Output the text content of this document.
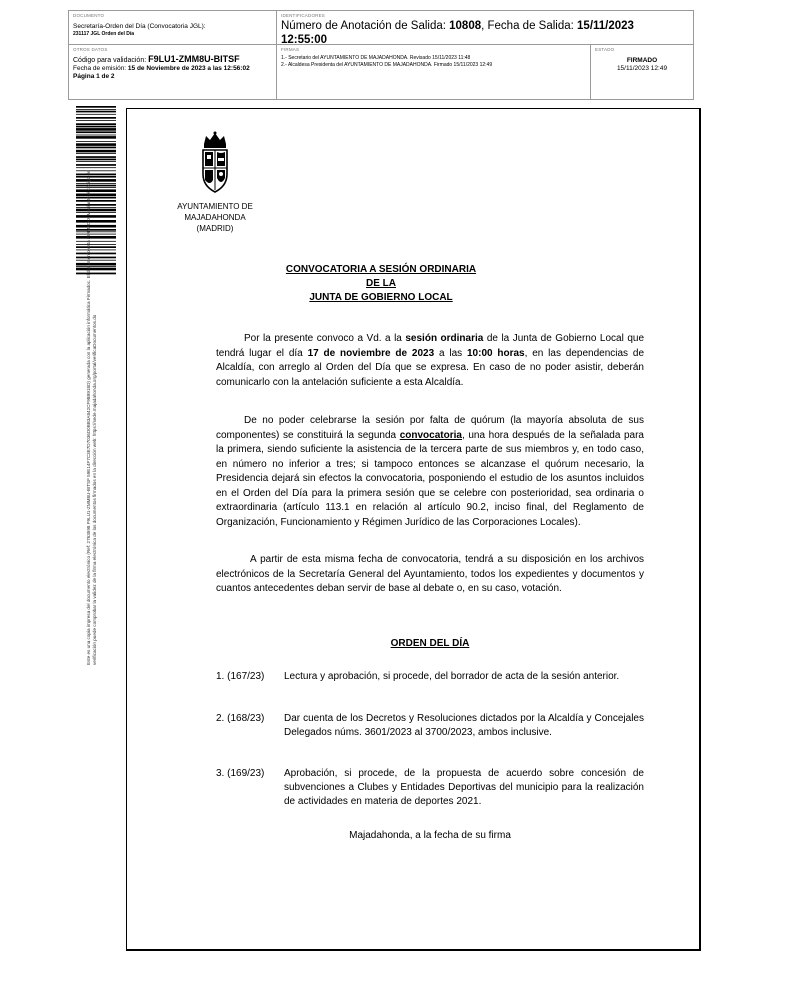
DOCUMENTO
Secretaría-Orden del Día (Convocatoria JGL):
231117 JGL Orden del Día
IDENTIFICADORES
Número de Anotación de Salida: 10808, Fecha de Salida: 15/11/2023
12:55:00
OTROS DATOS
Código para validación: F9LU1-ZMM8U-BITSF
Fecha de emisión: 15 de Noviembre de 2023 a las 12:56:02
Página 1 de 2
FIRMAS
1.- Secretario del AYUNTAMIENTO DE MAJADAHONDA. Revisado 15/11/2023 11:48
2.- Alcaldesa Presidenta del AYUNTAMIENTO DE MAJADAHONDA. Firmado 15/11/2023 12:49
ESTADO
FIRMADO
15/11/2023 12:49
Este es una copia impresa del documento electrónico (Ref: 2763598 F9LU1-ZMM8U-BITSF 59E14F7C3E7D7036D0BB3A842CF98B918D) generada con la aplicación informática Firmadoc. El documento está FIRMADO. Mediante el código de verificación puede comprobar la validez de la firma electrónica de los documentos firmados en la dirección web: https://sede.majadahonda.org/portal/verificaDocumentos.do
AYUNTAMIENTO DE
MAJADAHONDA
(MADRID)
CONVOCATORIA A SESIÓN ORDINARIA
DE LA
JUNTA DE GOBIERNO LOCAL
Por la presente convoco a Vd. a la sesión ordinaria de la Junta de Gobierno Local que tendrá lugar el día 17 de noviembre de 2023 a las 10:00 horas, en las dependencias de Alcaldía, con arreglo al Orden del Día que se expresa. En caso de no poder asistir, deberán comunicarlo con la antelación suficiente a esta Alcaldía.
De no poder celebrarse la sesión por falta de quórum (la mayoría absoluta de sus componentes) se constituirá la segunda convocatoria, una hora después de la señalada para la primera, siendo suficiente la asistencia de la tercera parte de sus miembros y, en todo caso, en número no inferior a tres; si tampoco entonces se alcanzase el quórum necesario, la Presidencia dejará sin efectos la convocatoria, posponiendo el estudio de los asuntos incluidos en el Orden del Día para la primera sesión que se celebre con posterioridad, sea ordinaria o extraordinaria (artículo 113.1 en relación al artículo 90.2, inciso final, del Reglamento de Organización, Funcionamiento y Régimen Jurídico de las Corporaciones Locales).
A partir de esta misma fecha de convocatoria, tendrá a su disposición en los archivos electrónicos de la Secretaría General del Ayuntamiento, todos los expedientes y documentos y cuantos antecedentes deban servir de base al debate o, en su caso, votación.
ORDEN DEL DÍA
1. (167/23)	Lectura y aprobación, si procede, del borrador de acta de la sesión anterior.
2. (168/23)	Dar cuenta de los Decretos y Resoluciones dictados por la Alcaldía y Concejales Delegados núms. 3601/2023 al 3700/2023, ambos inclusive.
3. (169/23)	Aprobación, si procede, de la propuesta de acuerdo sobre concesión de subvenciones a Clubes y Entidades Deportivas del municipio para la realización de actividades en materia de deportes 2021.
Majadahonda, a la fecha de su firma
